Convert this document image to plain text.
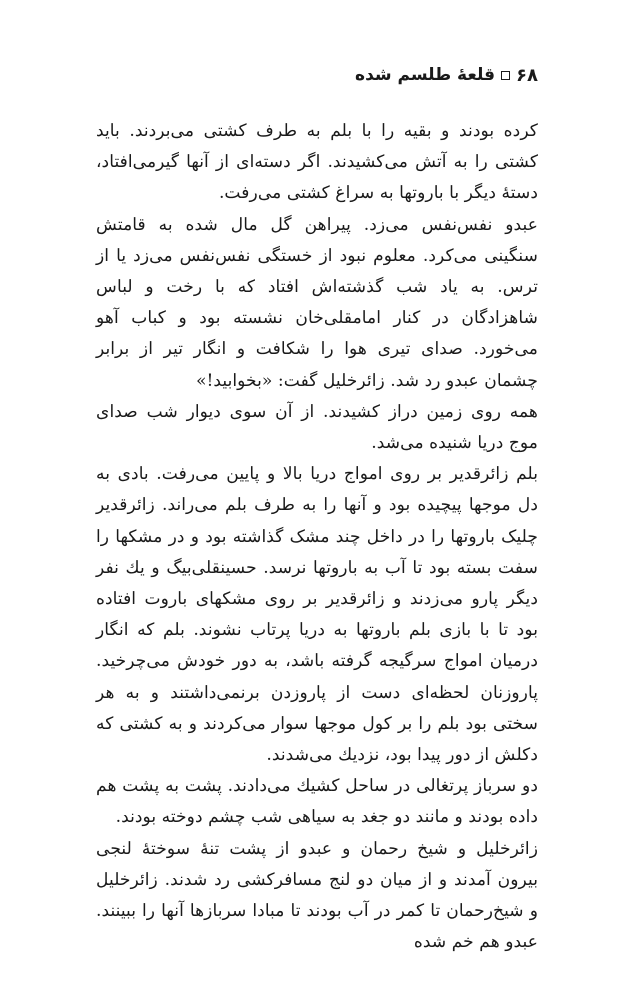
۶۸
قلعهٔ طلسم شده

کرده بودند و بقیه را با بلم به طرف کشتی می‌بردند. باید کشتی را به آتش می‌کشیدند. اگر دسته‌ای از آنها گیرمی‌افتاد، دستهٔ دیگر با باروتها به سراغ کشتی می‌رفت.

عبدو نفس‌نفس می‌زد. پیراهن گل مال شده به قامتش سنگینی می‌کرد. معلوم نبود از خستگی نفس‌نفس می‌زد یا از ترس. به یاد شب گذشته‌اش افتاد که با رخت و لباس شاهزادگان در کنار امامقلی‌خان نشسته بود و کباب آهو می‌خورد. صدای تیری هوا را شکافت و انگار تیر از برابر چشمان عبدو رد شد. زائرخلیل گفت: «بخوابید!»

همه روی زمین دراز کشیدند. از آن سوی دیوار شب صدای موج دریا شنیده می‌شد.

بلم زائرقدیر بر روی امواج دریا بالا و پایین می‌رفت. بادی به دل موجها پیچیده بود و آنها را به طرف بلم می‌راند. زائرقدیر چلیک باروتها را در داخل چند مشک گذاشته بود و در مشکها را سفت بسته بود تا آب به باروتها نرسد. حسینقلی‌بیگ و یك نفر دیگر پارو می‌زدند و زائرقدیر بر روی مشکهای باروت افتاده بود تا با بازی بلم باروتها به دریا پرتاب نشوند. بلم که انگار درمیان امواج سرگیجه گرفته باشد، به دور خودش می‌چرخید. پاروزنان لحظه‌ای دست از پاروزدن برنمی‌داشتند و به هر سختی بود بلم را بر کول موجها سوار می‌کردند و به کشتی که دکلش از دور پیدا بود، نزدیك می‌شدند.

دو سرباز پرتغالی در ساحل کشیك می‌دادند. پشت به پشت هم داده بودند و مانند دو جغد به سیاهی شب چشم دوخته بودند.

زائرخلیل و شیخ رحمان و عبدو از پشت تنهٔ سوختهٔ لنجی بیرون آمدند و از میان دو لنج مسافرکشی رد شدند. زائرخلیل و شیخ‌رحمان تا کمر در آب بودند تا مبادا سربازها آنها را ببینند. عبدو هم خم شده
